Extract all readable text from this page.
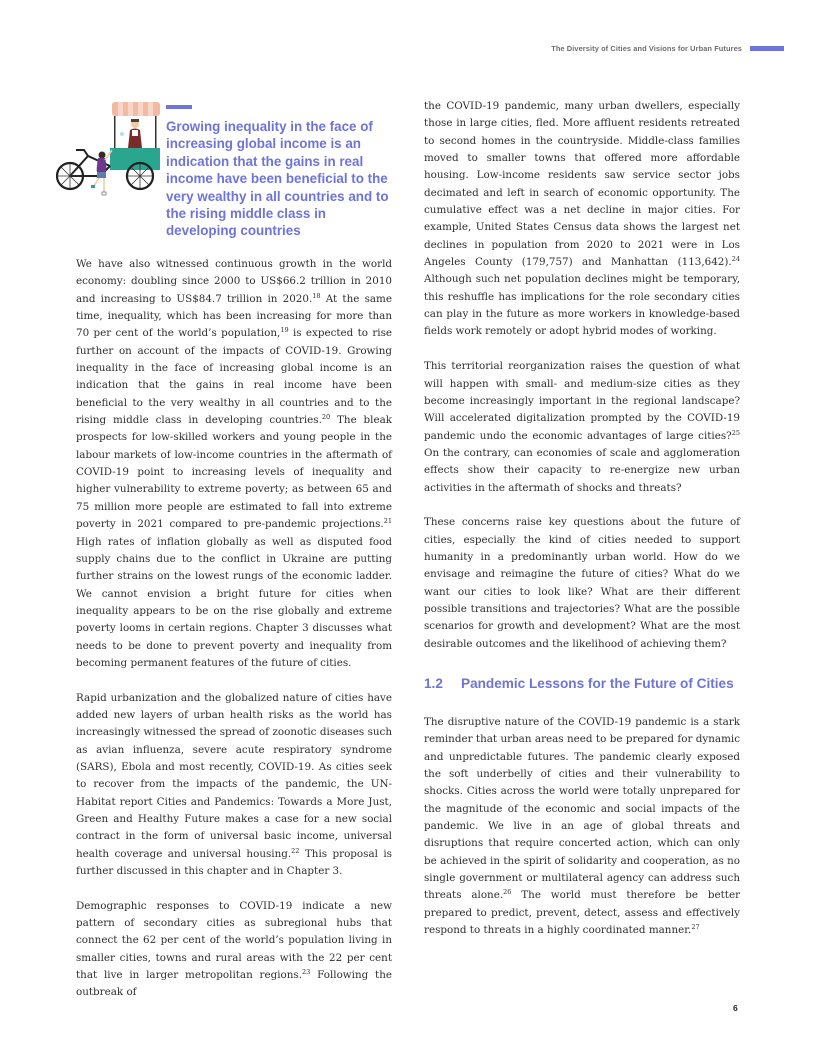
The Diversity of Cities and Visions for Urban Futures
Growing inequality in the face of increasing global income is an indication that the gains in real income have been beneficial to the very wealthy in all countries and to the rising middle class in developing countries

We have also witnessed continuous growth in the world economy: doubling since 2000 to US$66.2 trillion in 2010 and increasing to US$84.7 trillion in 2020.18 At the same time, inequality, which has been increasing for more than 70 per cent of the world’s population,$^{19}$ is expected to rise further on account of the impacts of COVID-19. Growing inequality in the face of increasing global income is an indication that the gains in real income have been beneficial to the very wealthy in all countries and to the rising middle class in developing countries.$^{20}$ The bleak prospects for low-skilled workers and young people in the labour markets of low-income countries in the aftermath of COVID-19 point to increasing levels of inequality and higher vulnerability to extreme poverty; as between 65 and 75 million more people are estimated to fall into extreme poverty in 2021 compared to pre-pandemic projections.$^{21}$ High rates of inflation globally as well as disputed food supply chains due to the conflict in Ukraine are putting further strains on the lowest rungs of the economic ladder. We cannot envision a bright future for cities when inequality appears to be on the rise globally and extreme poverty looms in certain regions. Chapter 3 discusses what needs to be done to prevent poverty and inequality from becoming permanent features of the future of cities.

Rapid urbanization and the globalized nature of cities have added new layers of urban health risks as the world has increasingly witnessed the spread of zoonotic diseases such as avian influenza, severe acute respiratory syndrome (SARS), Ebola and most recently, COVID-19. As cities seek to recover from the impacts of the pandemic, the UN-Habitat report Cities and Pandemics: Towards a More Just, Green and Healthy Future makes a case for a new social contract in the form of universal basic income, universal health coverage and universal housing.$^{22}$ This proposal is further discussed in this chapter and in Chapter 3.

Demographic responses to COVID-19 indicate a new pattern of secondary cities as subregional hubs that connect the 62 per cent of the world’s population living in smaller cities, towns and rural areas with the 22 per cent that live in larger metropolitan regions.$^{23}$ Following the outbreak of

the COVID-19 pandemic, many urban dwellers, especially those in large cities, fled. More affluent residents retreated to second homes in the countryside. Middle-class families moved to smaller towns that offered more affordable housing. Low-income residents saw service sector jobs decimated and left in search of economic opportunity. The cumulative effect was a net decline in major cities. For example, United States Census data shows the largest net declines in population from 2020 to 2021 were in Los Angeles County (179,757) and Manhattan (113,642).$^{24}$ Although such net population declines might be temporary, this reshuffle has implications for the role secondary cities can play in the future as more workers in knowledge-based fields work remotely or adopt hybrid modes of working.

This territorial reorganization raises the question of what will happen with small- and medium-size cities as they become increasingly important in the regional landscape? Will accelerated digitalization prompted by the COVID-19 pandemic undo the economic advantages of large cities?$^{25}$ On the contrary, can economies of scale and agglomeration effects show their capacity to re-energize new urban activities in the aftermath of shocks and threats?

These concerns raise key questions about the future of cities, especially the kind of cities needed to support humanity in a predominantly urban world. How do we envisage and reimagine the future of cities? What do we want our cities to look like? What are their different possible transitions and trajectories? What are the possible scenarios for growth and development? What are the most desirable outcomes and the likelihood of achieving them?

1.2	Pandemic Lessons for the Future of Cities

The disruptive nature of the COVID-19 pandemic is a stark reminder that urban areas need to be prepared for dynamic and unpredictable futures. The pandemic clearly exposed the soft underbelly of cities and their vulnerability to shocks. Cities across the world were totally unprepared for the magnitude of the economic and social impacts of the pandemic. We live in an age of global threats and disruptions that require concerted action, which can only be achieved in the spirit of solidarity and cooperation, as no single government or multilateral agency can address such threats alone.$^{26}$ The world must therefore be better prepared to predict, prevent, detect, assess and effectively respond to threats in a highly coordinated manner.$^{27}$

6
